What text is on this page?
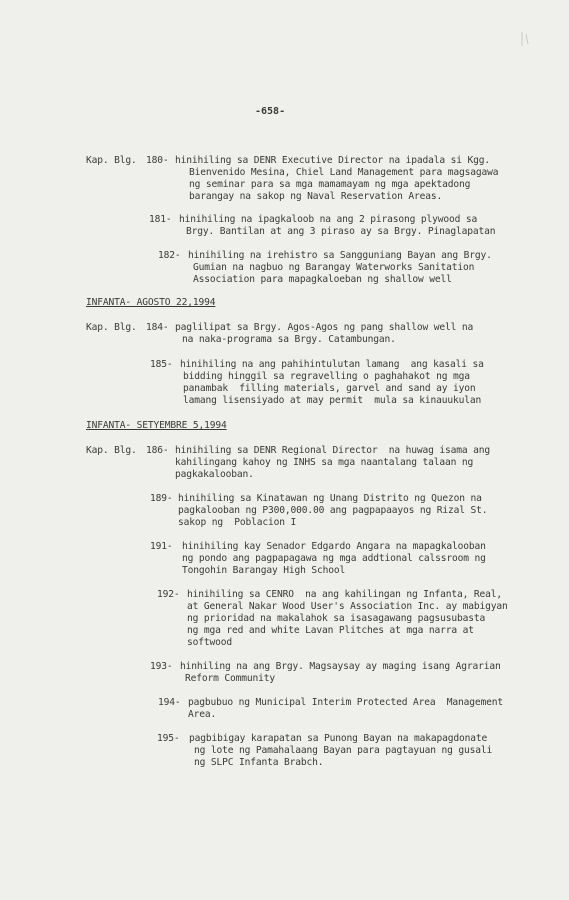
-658-
Kap. Blg. 180- hinihiling sa DENR Executive Director na ipadala si Kgg.
Bienvenido Mesina, Chiel Land Management para magsagawa
ng seminar para sa mga mamamayam ng mga apektadong
barangay na sakop ng Naval Reservation Areas.
181- hinihiling na ipagkaloob na ang 2 pirasong plywood sa
Brgy. Bantilan at ang 3 piraso ay sa Brgy. Pinaglapatan
182- hinihiling na irehistro sa Sangguniang Bayan ang Brgy.
Gumian na nagbuo ng Barangay Waterworks Sanitation
Association para mapagkaloeban ng shallow well
INFANTA- AGOSTO 22,1994
Kap. Blg. 184- paglilipat sa Brgy. Agos-Agos ng pang shallow well na
na naka-programa sa Brgy. Catambungan.
185- hinihiling na ang pahihintulutan lamang  ang kasali sa
bidding hinggil sa regravelling o paghahakot ng mga
panambak  filling materials, garvel and sand ay iyon
lamang lisensiyado at may permit  mula sa kinauukulan
INFANTA- SETYEMBRE 5,1994
Kap. Blg. 186- hinihiling sa DENR Regional Director  na huwag isama ang
kahilingang kahoy ng INHS sa mga naantalang talaan ng
pagkakalooban.
189- hinihiling sa Kinatawan ng Unang Distrito ng Quezon na
pagkalooban ng P300,000.00 ang pagpapaayos ng Rizal St.
sakop ng  Poblacion I
191- hinihiling kay Senador Edgardo Angara na mapagkalooban
ng pondo ang pagpapagawa ng mga addtional calssroom ng
Tongohin Barangay High School
192- hinihiling sa CENRO  na ang kahilingan ng Infanta, Real,
at General Nakar Wood User's Association Inc. ay mabigyan
ng prioridad na makalahok sa isasagawang pagsusubasta
ng mga red and white Lavan Plitches at mga narra at
softwood
193- hinhiling na ang Brgy. Magsaysay ay maging isang Agrarian
Reform Community
194- pagbubuo ng Municipal Interim Protected Area  Management
Area.
195- pagbibigay karapatan sa Punong Bayan na makapagdonate
ng lote ng Pamahalaang Bayan para pagtayuan ng gusali
ng SLPC Infanta Brabch.
